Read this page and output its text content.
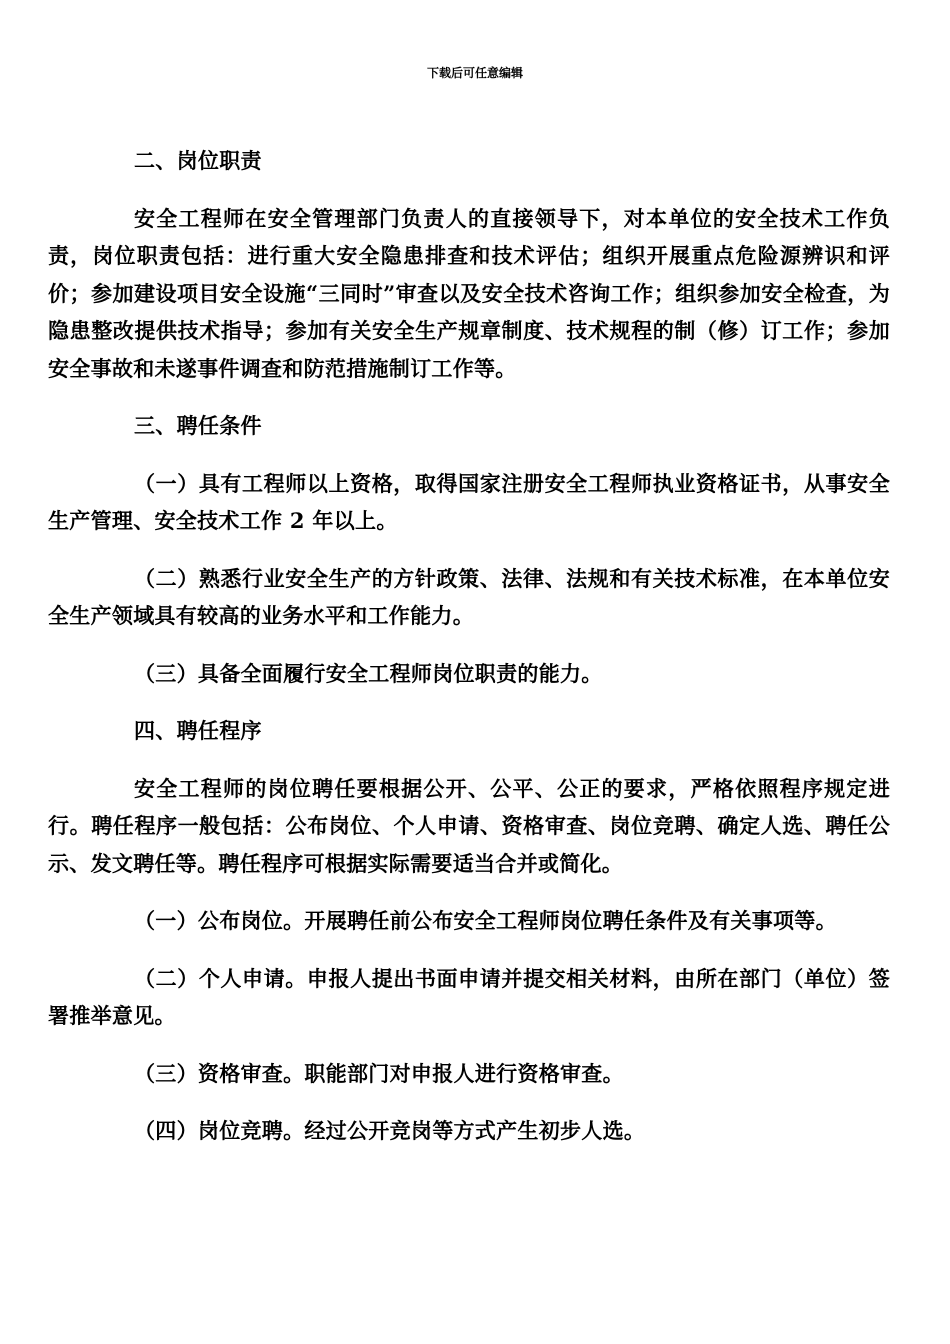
下载后可任意编辑

二、岗位职责

安全工程师在安全管理部门负责人的直接领导下，对本单位的安全技术工作负责，岗位职责包括：进行重大安全隐患排查和技术评估；组织开展重点危险源辨识和评价；参加建设项目安全设施“三同时”审查以及安全技术咨询工作；组织参加安全检查，为隐患整改提供技术指导；参加有关安全生产规章制度、技术规程的制（修）订工作；参加安全事故和未遂事件调查和防范措施制订工作等。

三、聘任条件

（一）具有工程师以上资格，取得国家注册安全工程师执业资格证书，从事安全生产管理、安全技术工作 2 年以上。

（二）熟悉行业安全生产的方针政策、法律、法规和有关技术标准，在本单位安全生产领域具有较高的业务水平和工作能力。

（三）具备全面履行安全工程师岗位职责的能力。

四、聘任程序

安全工程师的岗位聘任要根据公开、公平、公正的要求，严格依照程序规定进行。聘任程序一般包括：公布岗位、个人申请、资格审查、岗位竞聘、确定人选、聘任公示、发文聘任等。聘任程序可根据实际需要适当合并或简化。

（一）公布岗位。开展聘任前公布安全工程师岗位聘任条件及有关事项等。

（二）个人申请。申报人提出书面申请并提交相关材料，由所在部门（单位）签署推举意见。

（三）资格审查。职能部门对申报人进行资格审查。

（四）岗位竞聘。经过公开竞岗等方式产生初步人选。
